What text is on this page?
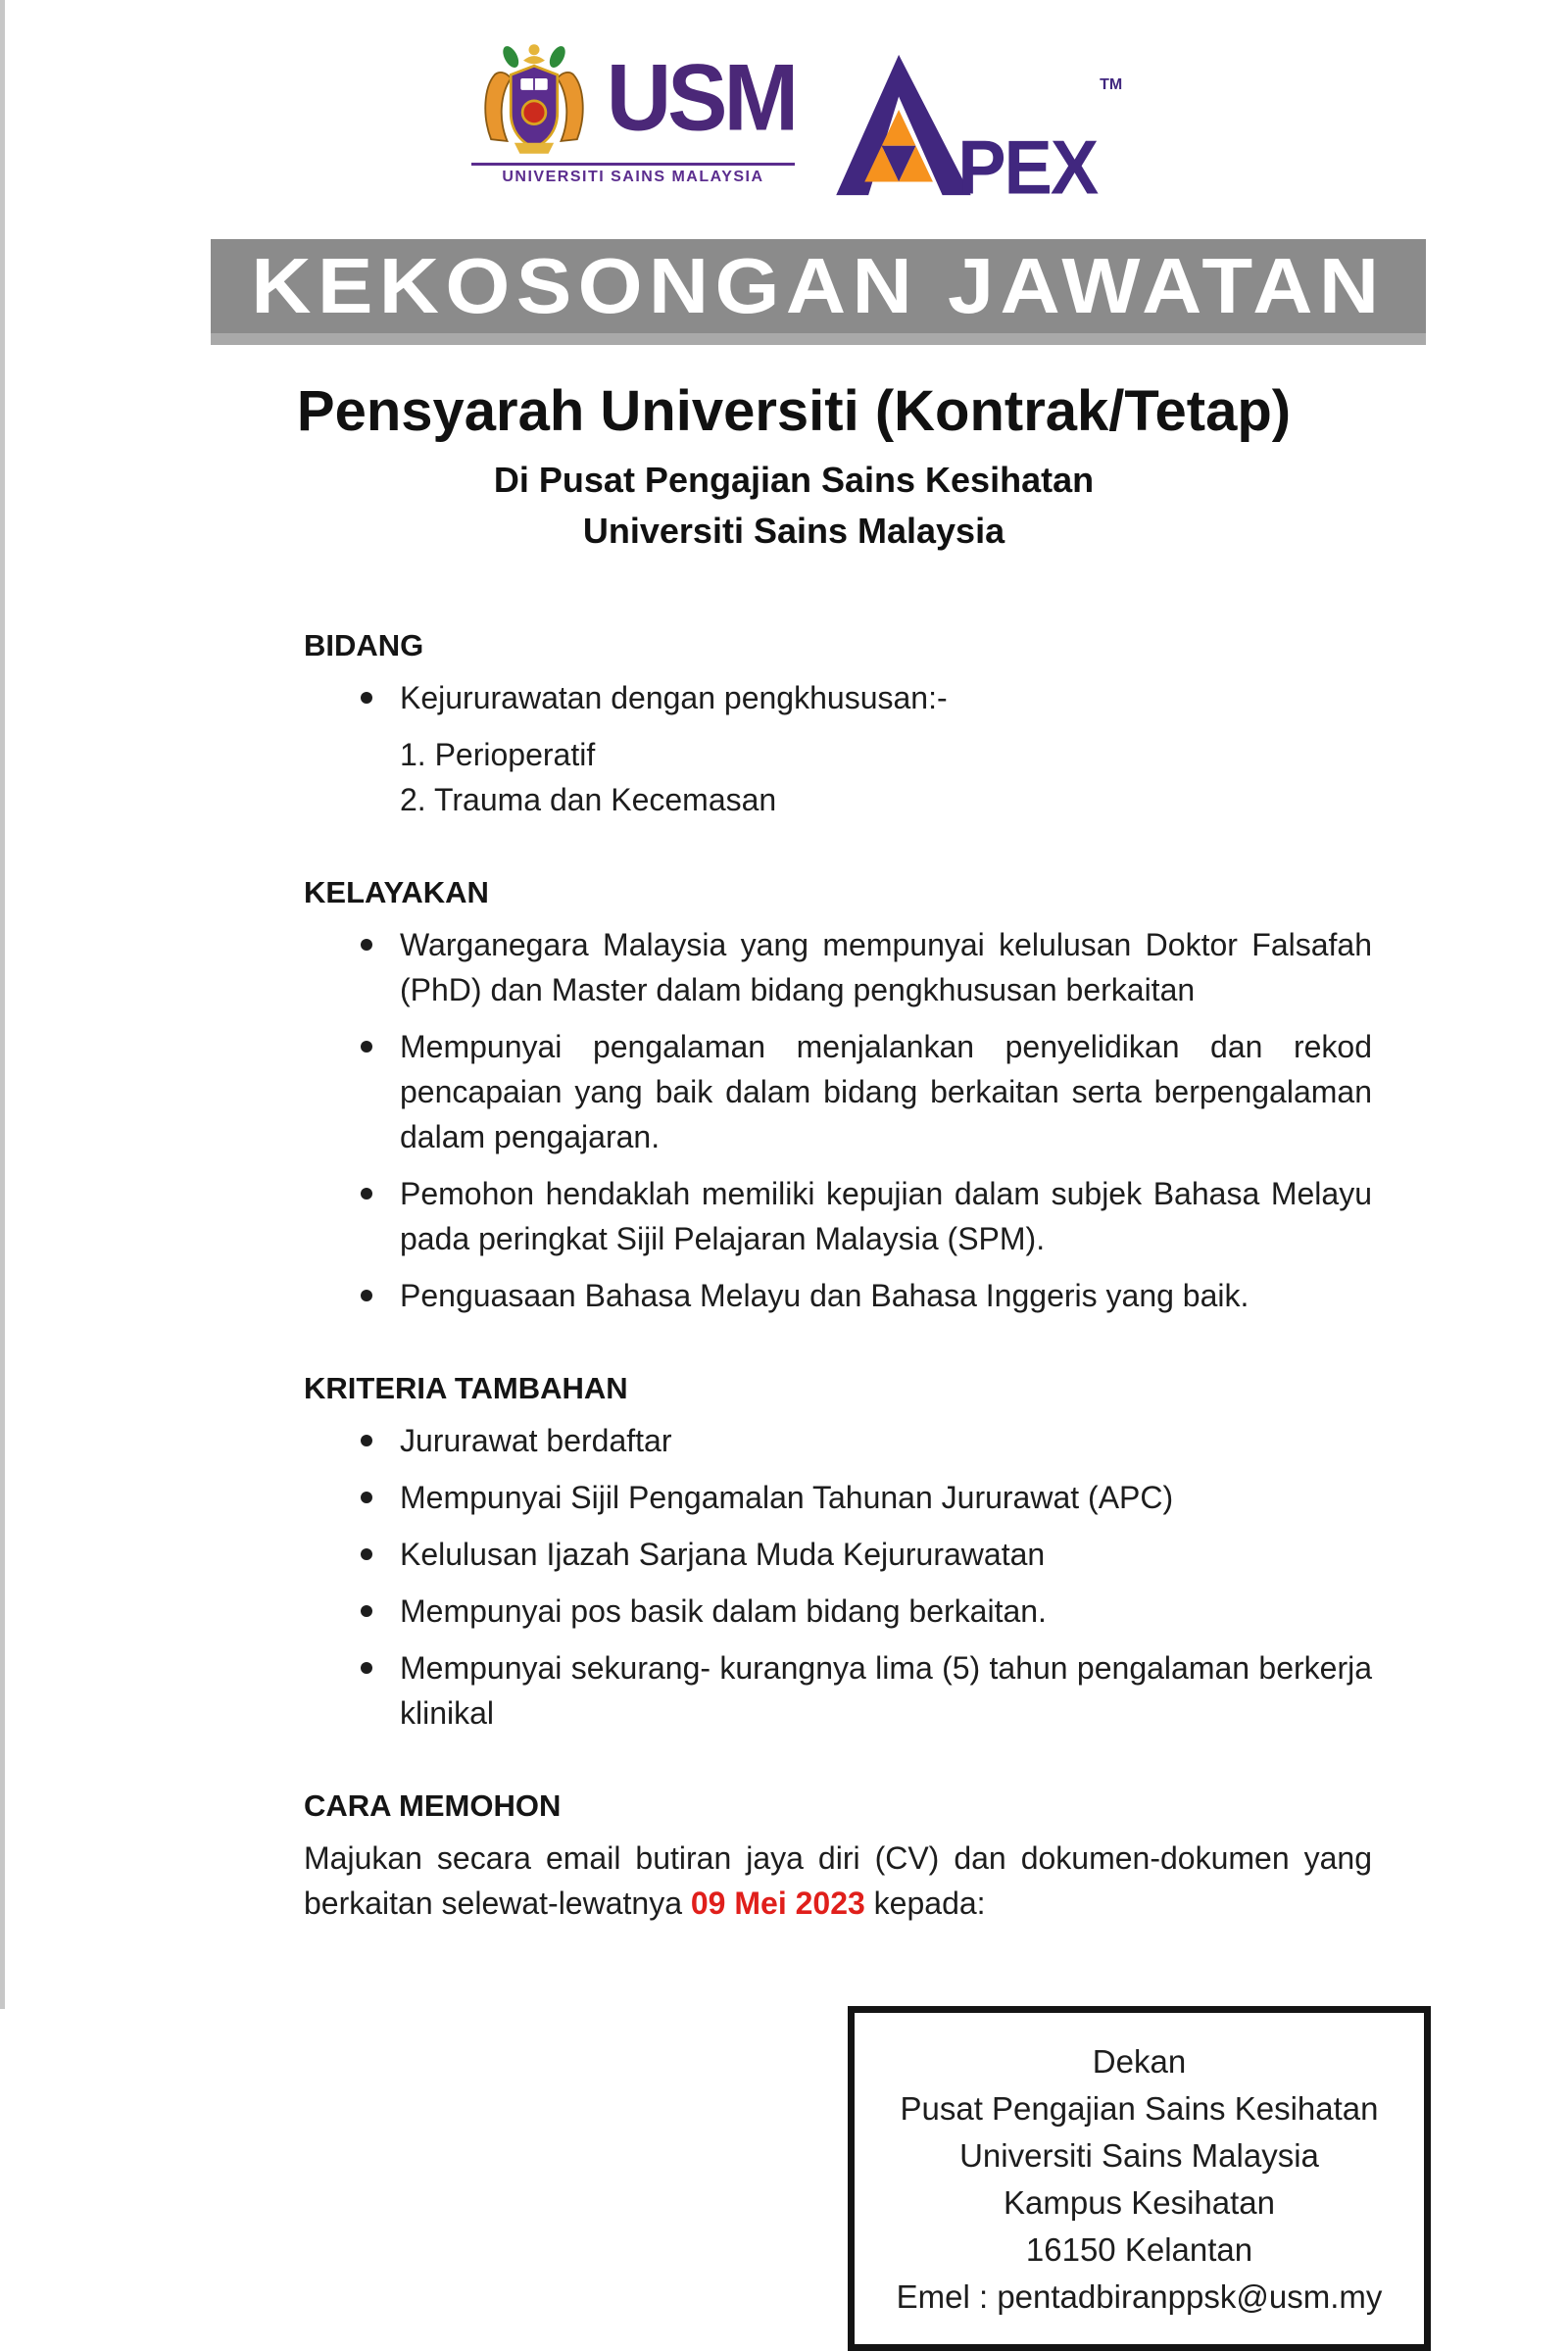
USM
UNIVERSITI SAINS MALAYSIA	PEX
TM
KEKOSONGAN JAWATAN
Pensyarah Universiti (Kontrak/Tetap)
Di Pusat Pengajian Sains Kesihatan
Universiti Sains Malaysia
BIDANG
Kejururawatan dengan pengkhususan:-
1. Perioperatif
2. Trauma dan Kecemasan
KELAYAKAN
Warganegara Malaysia yang mempunyai kelulusan Doktor Falsafah (PhD) dan Master dalam bidang pengkhususan berkaitan
Mempunyai pengalaman menjalankan penyelidikan dan rekod pencapaian yang baik dalam bidang berkaitan serta berpengalaman dalam pengajaran.
Pemohon hendaklah memiliki kepujian dalam subjek Bahasa Melayu pada peringkat Sijil Pelajaran Malaysia (SPM).
Penguasaan Bahasa Melayu dan Bahasa Inggeris yang baik.
KRITERIA TAMBAHAN
Jururawat berdaftar
Mempunyai Sijil Pengamalan Tahunan Jururawat (APC)
Kelulusan Ijazah Sarjana Muda Kejururawatan
Mempunyai pos basik dalam bidang berkaitan.
Mempunyai sekurang- kurangnya lima (5) tahun pengalaman berkerja klinikal
CARA MEMOHON

Majukan secara email butiran jaya diri (CV) dan dokumen-dokumen yang berkaitan selewat-lewatnya 09 Mei 2023 kepada:

Dekan
Pusat Pengajian Sains Kesihatan
Universiti Sains Malaysia
Kampus Kesihatan
16150 Kelantan
Emel : pentadbiranppsk@usm.my
